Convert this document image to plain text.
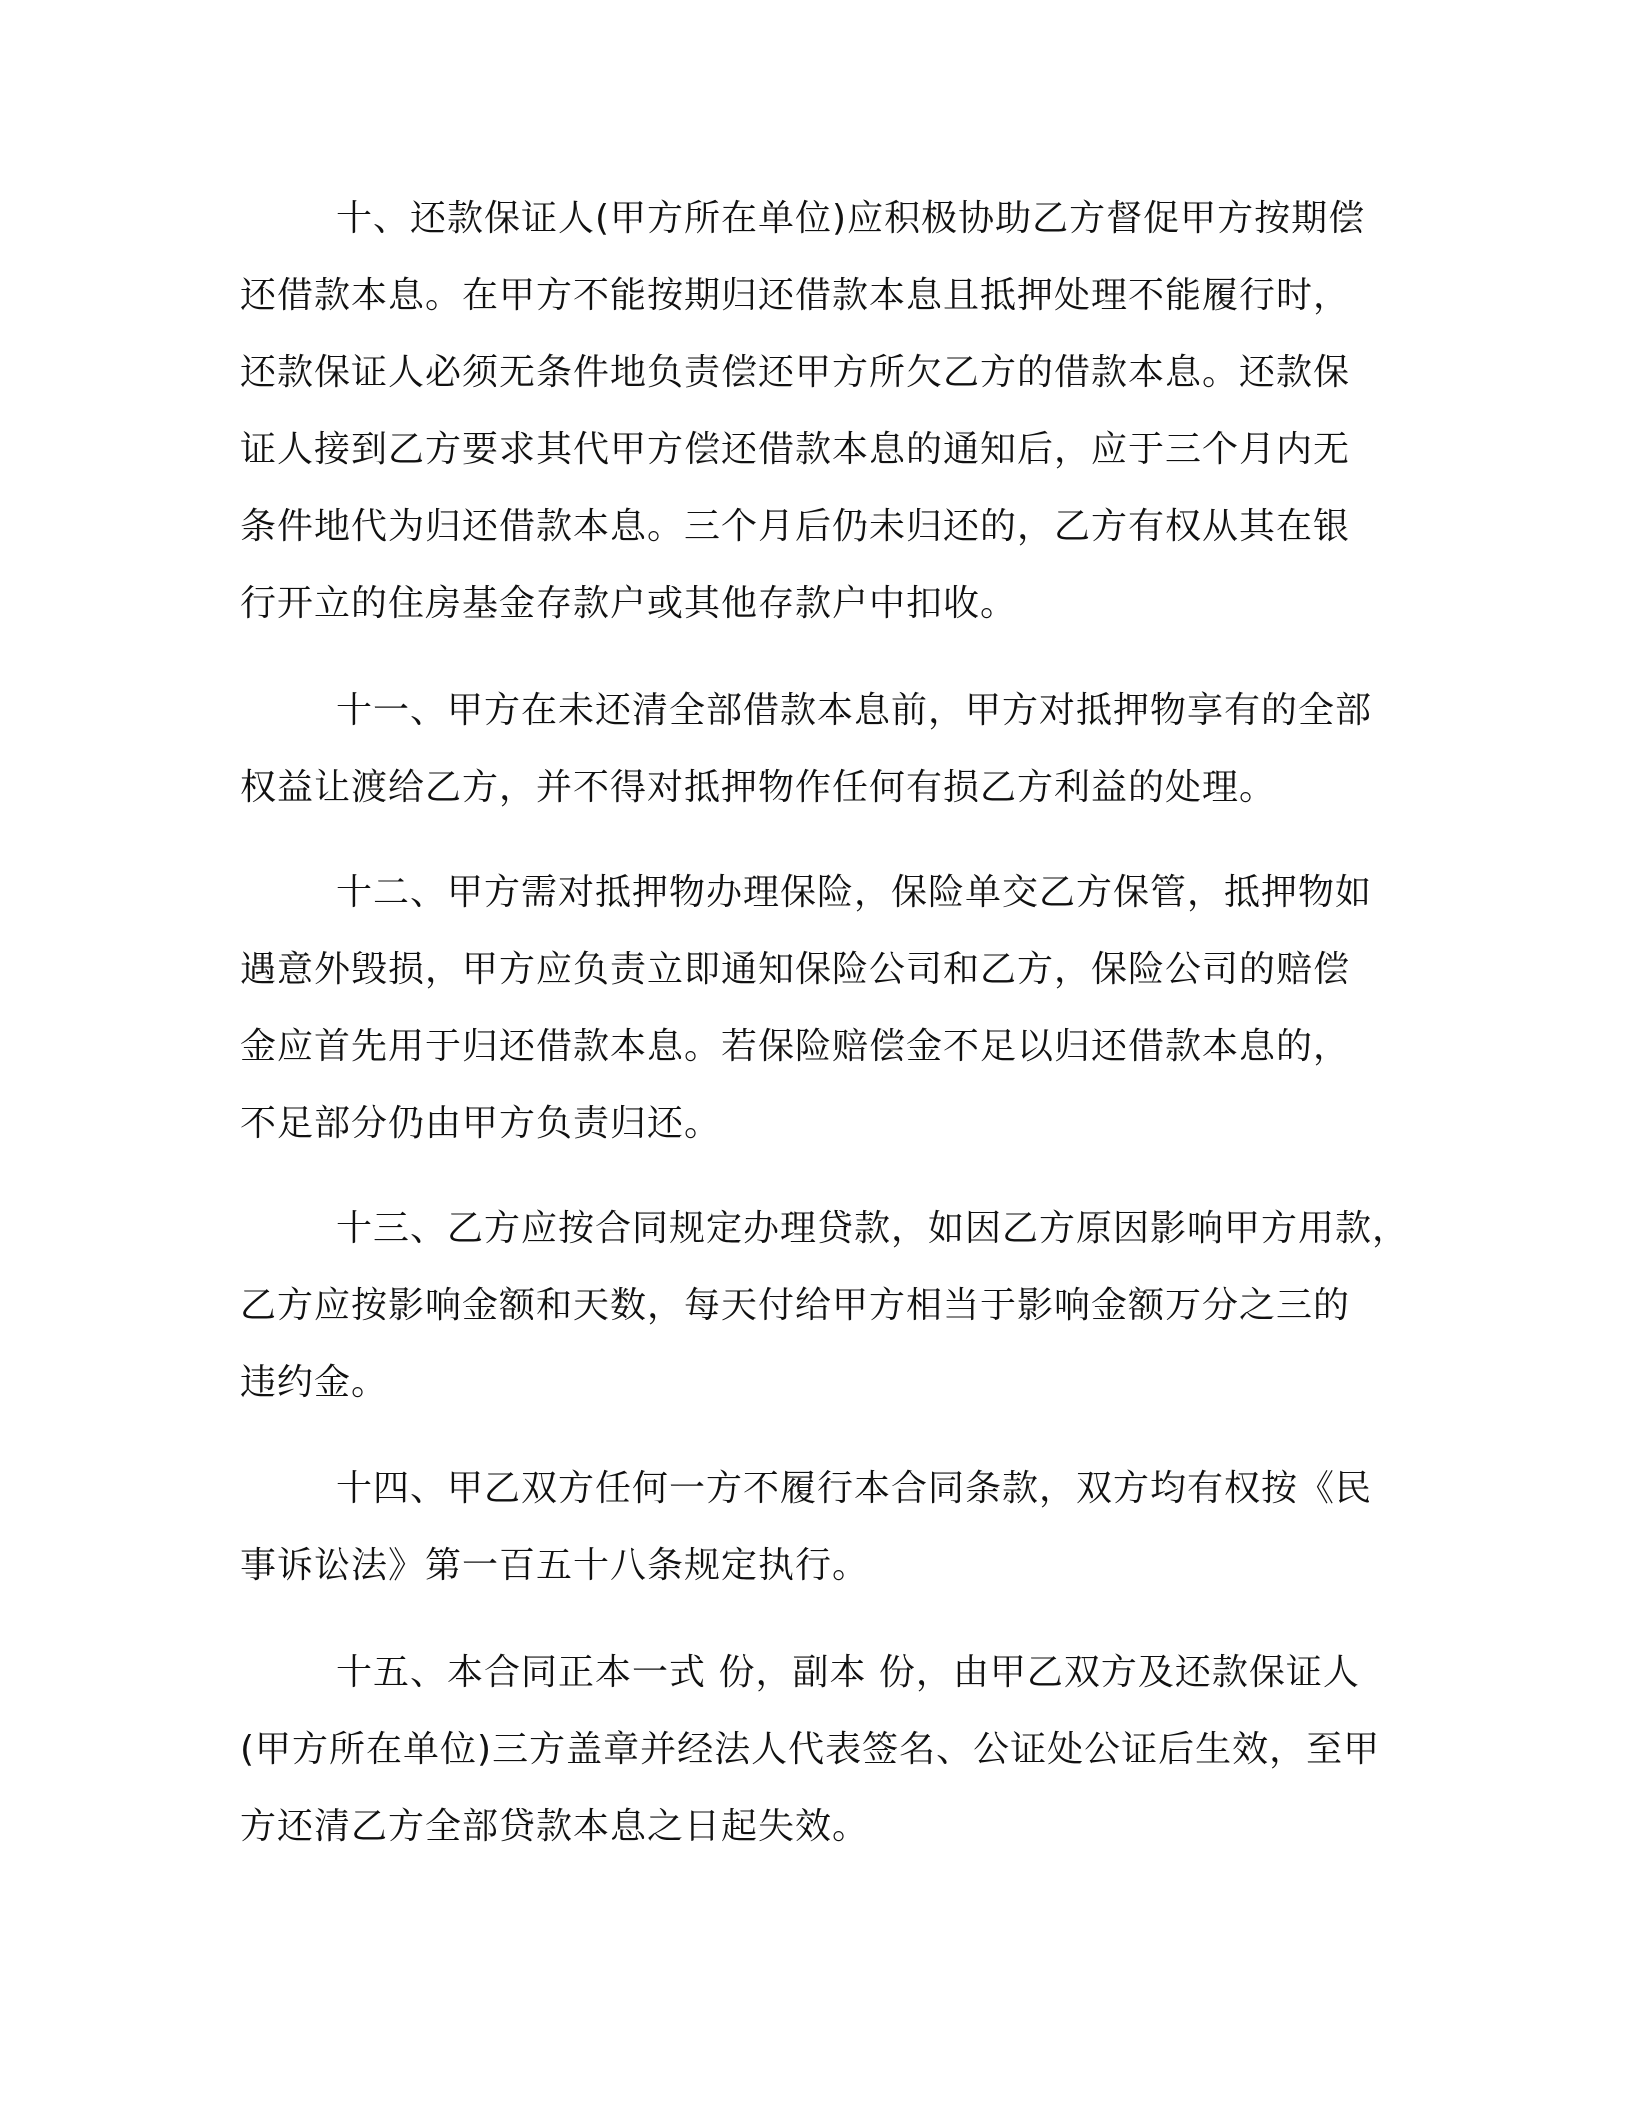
十、还款保证人(甲方所在单位)应积极协助乙方督促甲方按期偿
还借款本息。在甲方不能按期归还借款本息且抵押处理不能履行时，
还款保证人必须无条件地负责偿还甲方所欠乙方的借款本息。还款保
证人接到乙方要求其代甲方偿还借款本息的通知后，应于三个月内无
条件地代为归还借款本息。三个月后仍未归还的，乙方有权从其在银
行开立的住房基金存款户或其他存款户中扣收。
十一、甲方在未还清全部借款本息前，甲方对抵押物享有的全部
权益让渡给乙方，并不得对抵押物作任何有损乙方利益的处理。
十二、甲方需对抵押物办理保险，保险单交乙方保管，抵押物如
遇意外毁损，甲方应负责立即通知保险公司和乙方，保险公司的赔偿
金应首先用于归还借款本息。若保险赔偿金不足以归还借款本息的，
不足部分仍由甲方负责归还。
十三、乙方应按合同规定办理贷款，如因乙方原因影响甲方用款，
乙方应按影响金额和天数，每天付给甲方相当于影响金额万分之三的
违约金。
十四、甲乙双方任何一方不履行本合同条款，双方均有权按《民
事诉讼法》第一百五十八条规定执行。
十五、本合同正本一式 份，副本 份，由甲乙双方及还款保证人
(甲方所在单位)三方盖章并经法人代表签名、公证处公证后生效，至甲
方还清乙方全部贷款本息之日起失效。
